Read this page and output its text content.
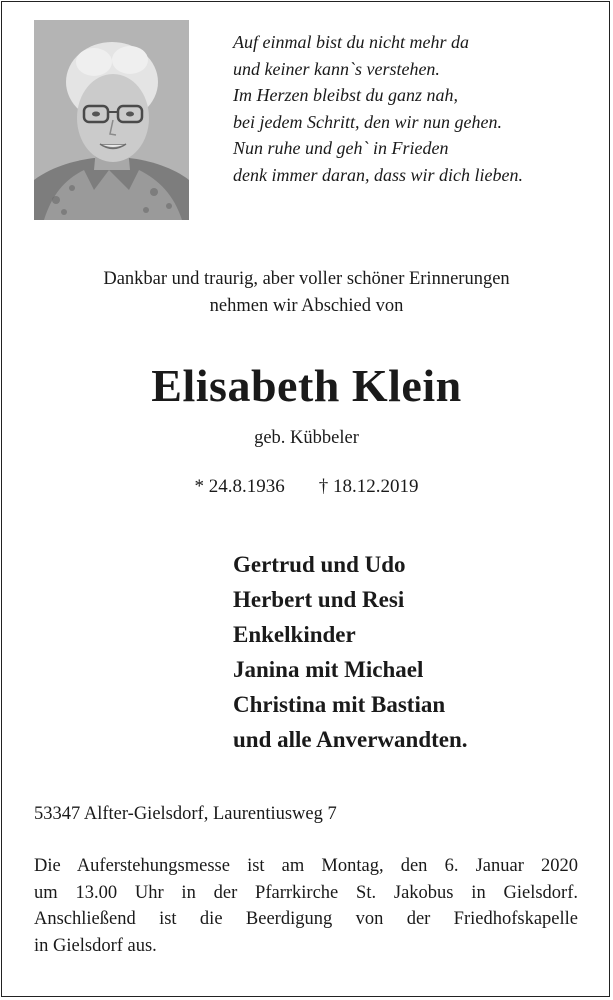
Auf einmal bist du nicht mehr da
und keiner kann`s verstehen.
Im Herzen bleibst du ganz nah,
bei jedem Schritt, den wir nun gehen.
Nun ruhe und geh` in Frieden
denk immer daran, dass wir dich lieben.
Dankbar und traurig, aber voller schöner Erinnerungen
nehmen wir Abschied von
Elisabeth Klein
geb. Kübbeler
* 24.8.1936 † 18.12.2019
Gertrud und Udo
Herbert und Resi
Enkelkinder
Janina mit Michael
Christina mit Bastian
und alle Anverwandten.
53347 Alfter-Gielsdorf, Laurentiusweg 7
Die Auferstehungsmesse ist am Montag, den 6. Januar 2020
um 13.00 Uhr in der Pfarrkirche St. Jakobus in Gielsdorf.
Anschließend ist die Beerdigung von der Friedhofskapelle
in Gielsdorf aus.
